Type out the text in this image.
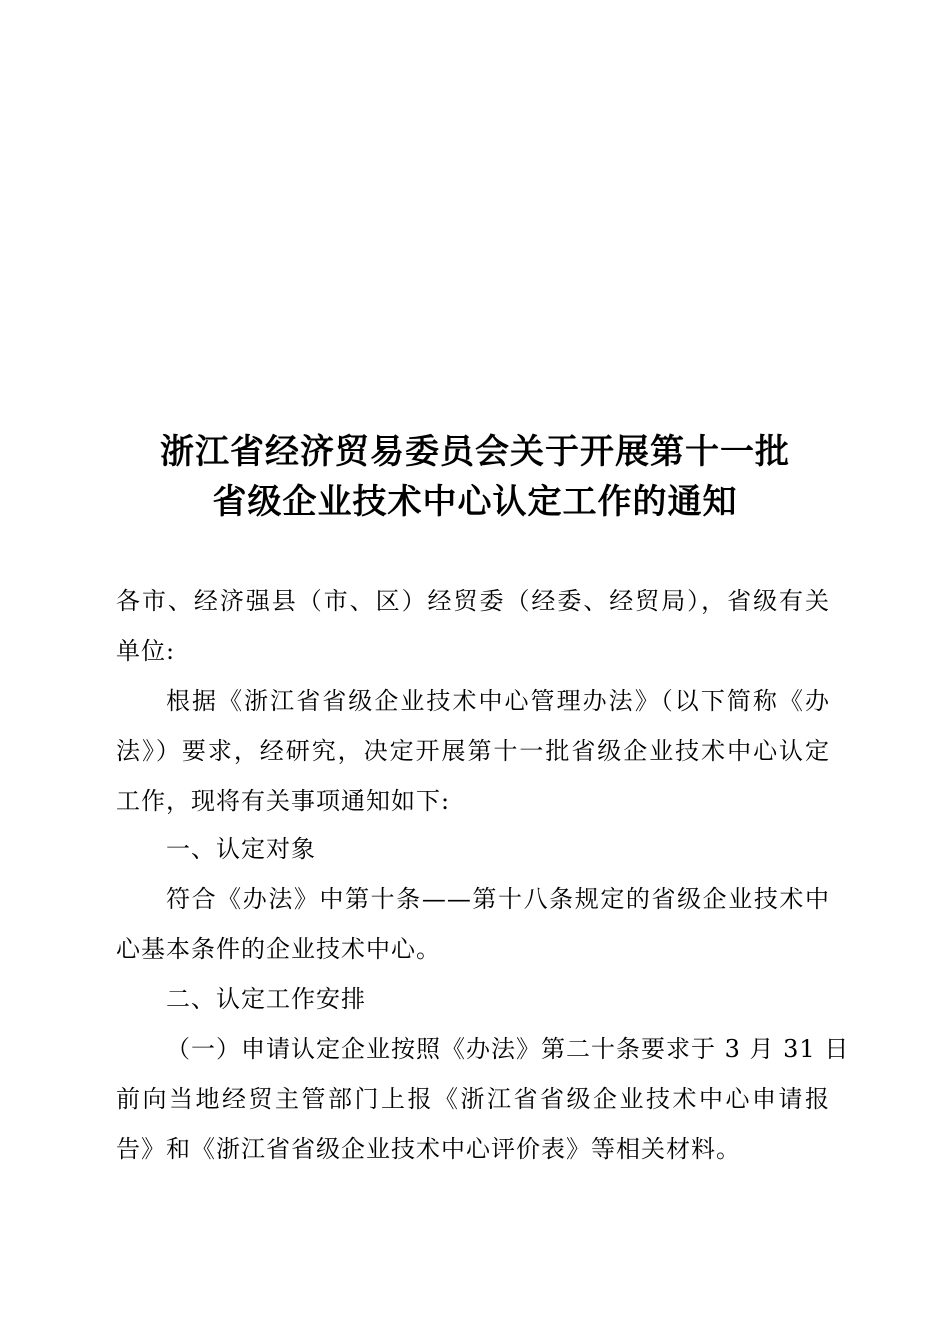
浙江省经济贸易委员会关于开展第十一批
省级企业技术中心认定工作的通知
各市、经济强县（市、区）经贸委（经委、经贸局），省级有关
单位:
根据《浙江省省级企业技术中心管理办法》（以下简称《办
法》）要求，经研究，决定开展第十一批省级企业技术中心认定
工作，现将有关事项通知如下:
一、认定对象
符合《办法》中第十条——第十八条规定的省级企业技术中
心基本条件的企业技术中心。
二、认定工作安排
（一）申请认定企业按照《办法》第二十条要求于 3 月 31 日
前向当地经贸主管部门上报《浙江省省级企业技术中心申请报
告》和《浙江省省级企业技术中心评价表》等相关材料。
